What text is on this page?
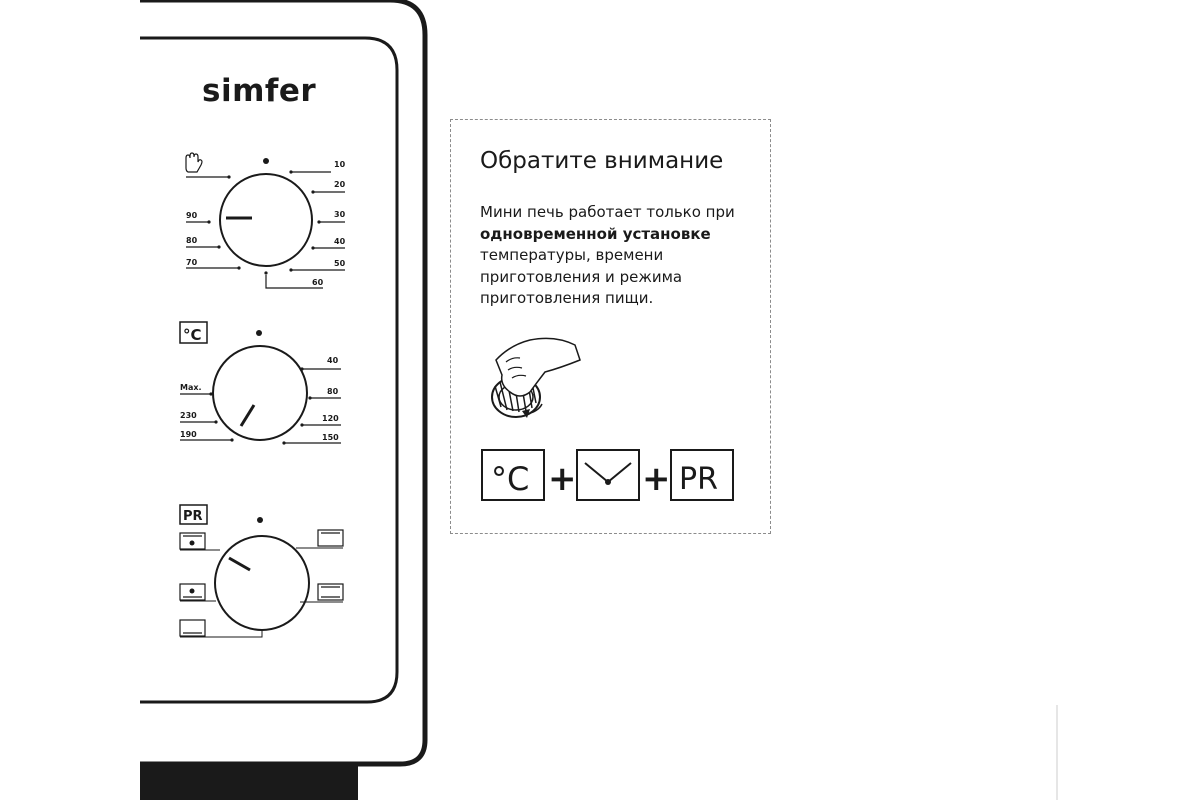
simfer
10
20
30
40
50
60
90
80
70
°C
40
80
120
150
Max.
230
190
PR
°C + + PR
Обратите внимание
Мини печь работает только при одновременной установке температуры, времени приготовления и режима приготовления пищи.
